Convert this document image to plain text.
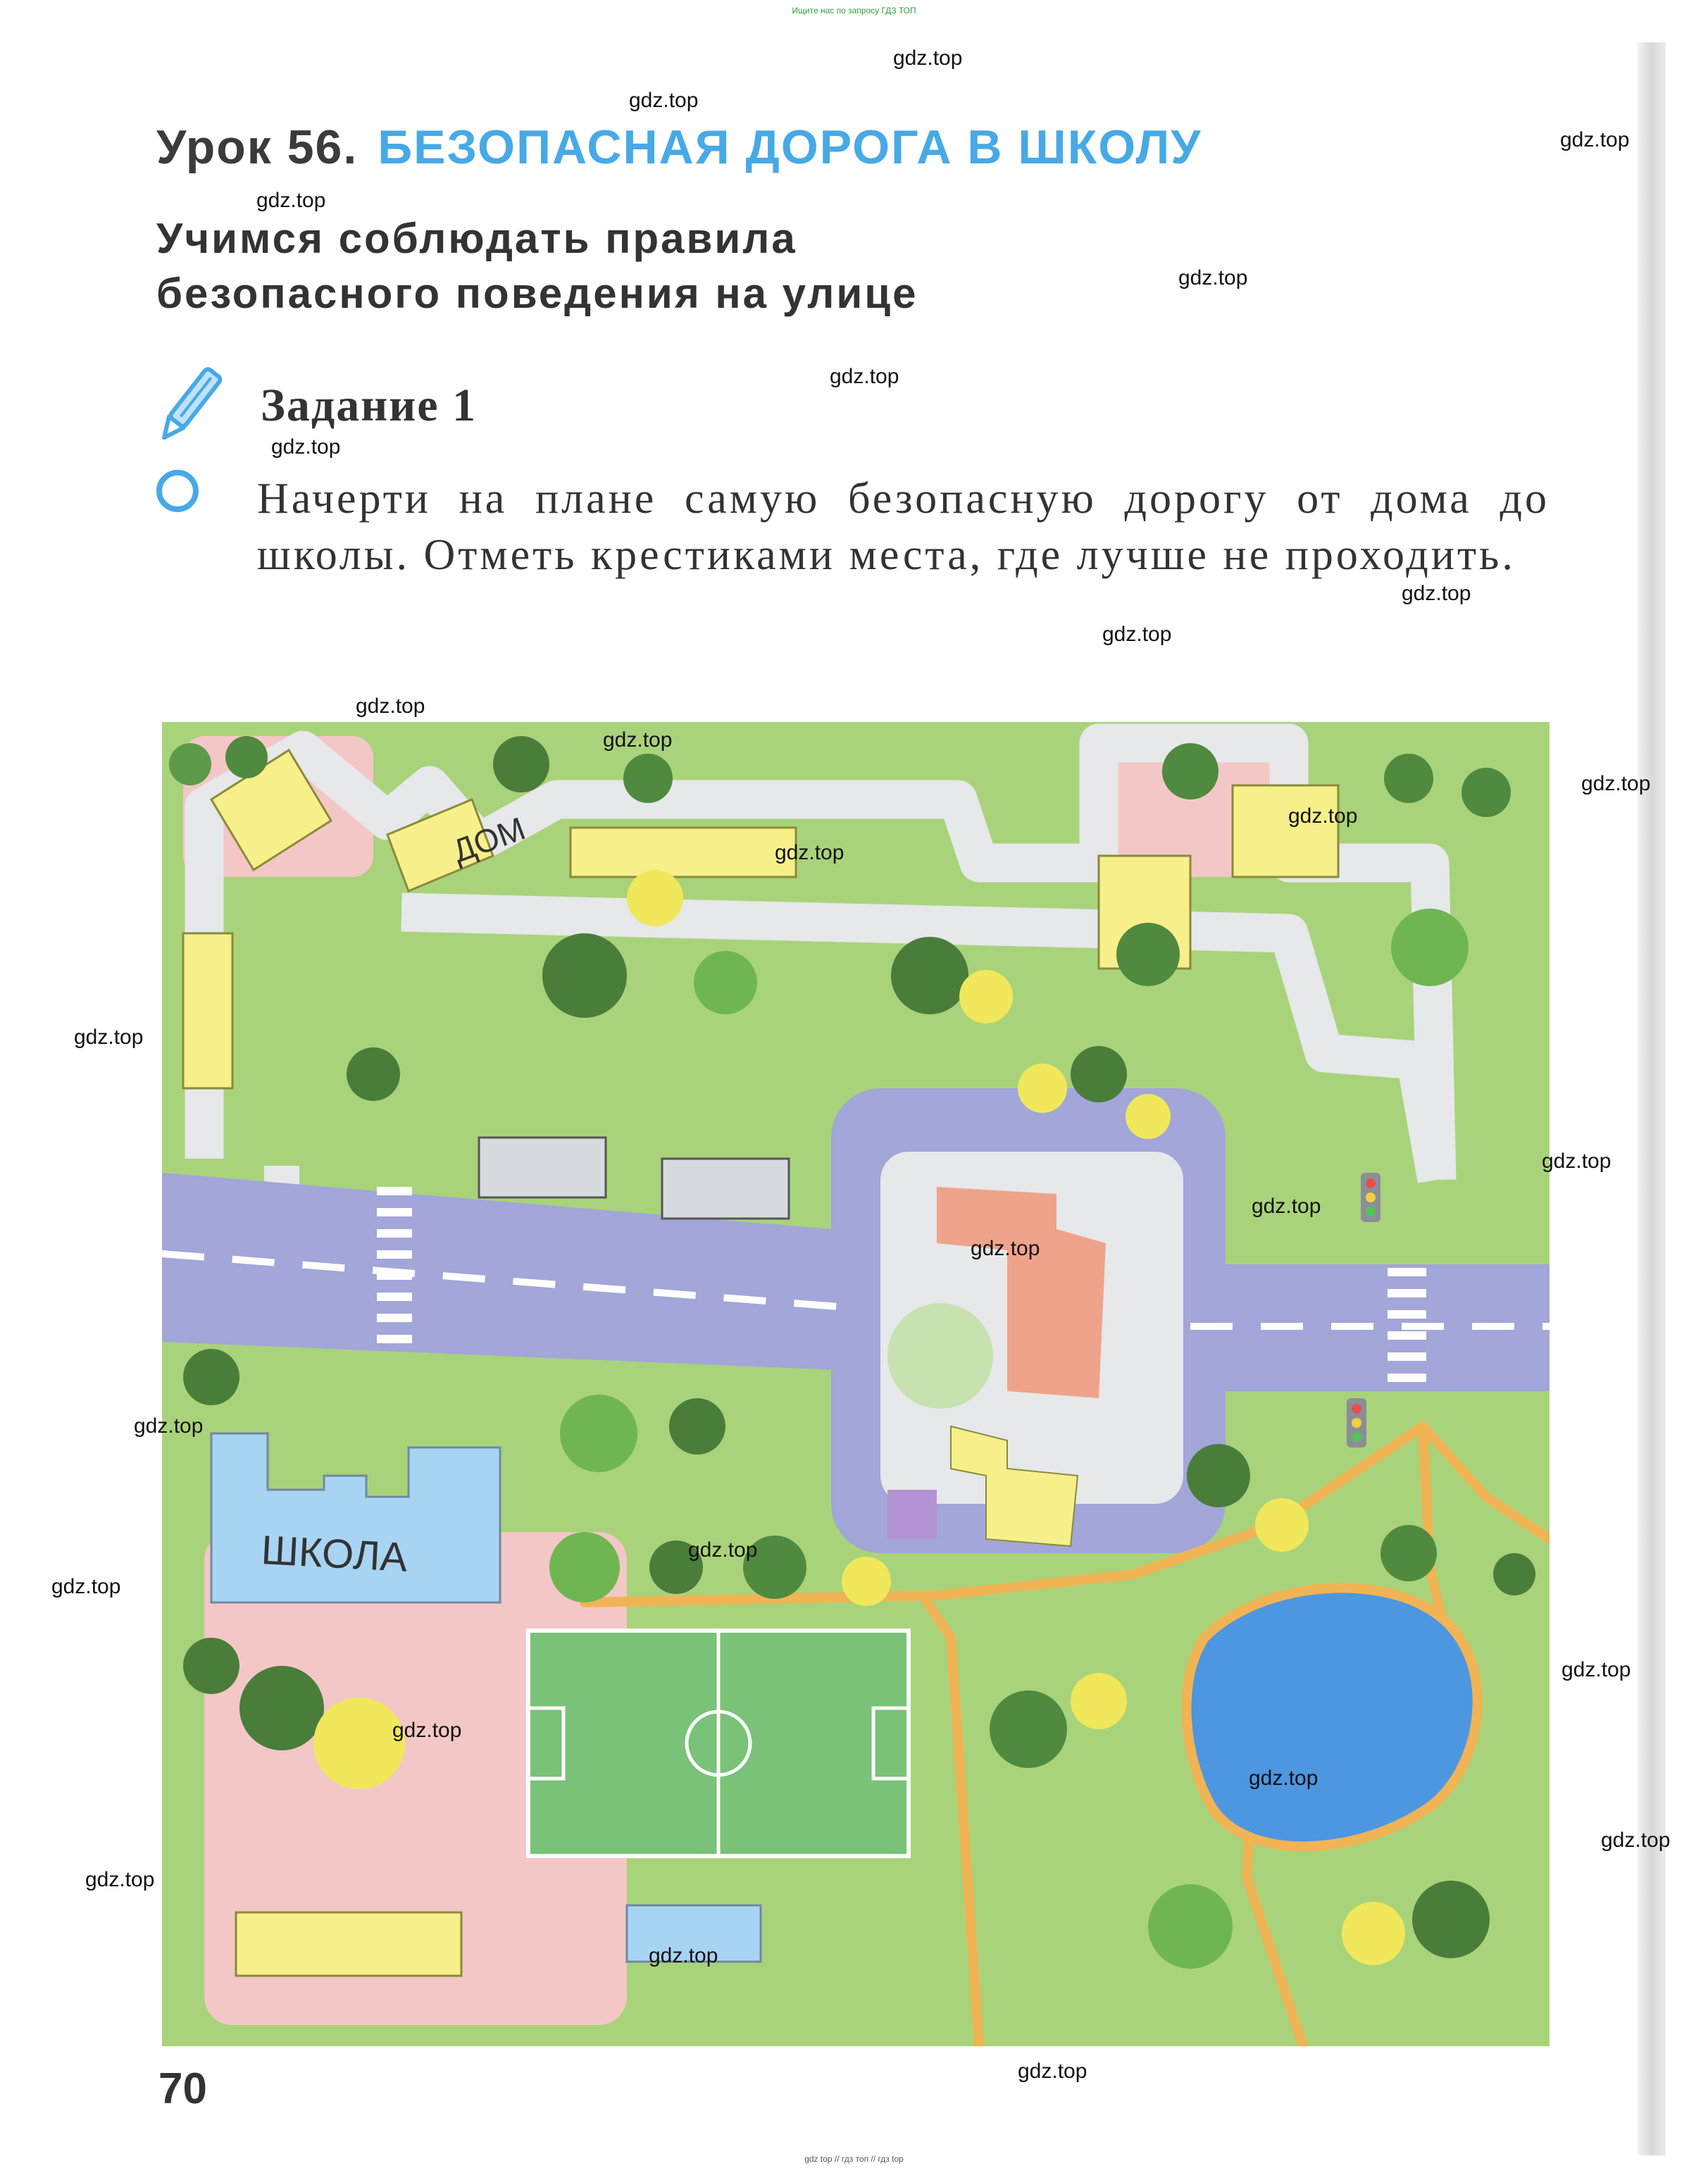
Ищите нас по запросу ГДЗ ТОП
Урок 56. БЕЗОПАСНАЯ ДОРОГА В ШКОЛУ
Учимся соблюдать правила
безопасного поведения на улице
Задание 1
Начерти на плане самую безопасную дорогу от дома до школы. Отметь крестиками места, где лучше не проходить.
ДОМ
ШКОЛА
70
gdz top // гдз топ // гдз top
gdz.top
gdz.top
gdz.top
gdz.top
gdz.top
gdz.top
gdz.top
gdz.top
gdz.top
gdz.top
gdz.top
gdz.top
gdz.top
gdz.top
gdz.top
gdz.top
gdz.top
gdz.top
gdz.top
gdz.top
gdz.top
gdz.top
gdz.top
gdz.top
gdz.top
gdz.top
gdz.top
gdz.top
